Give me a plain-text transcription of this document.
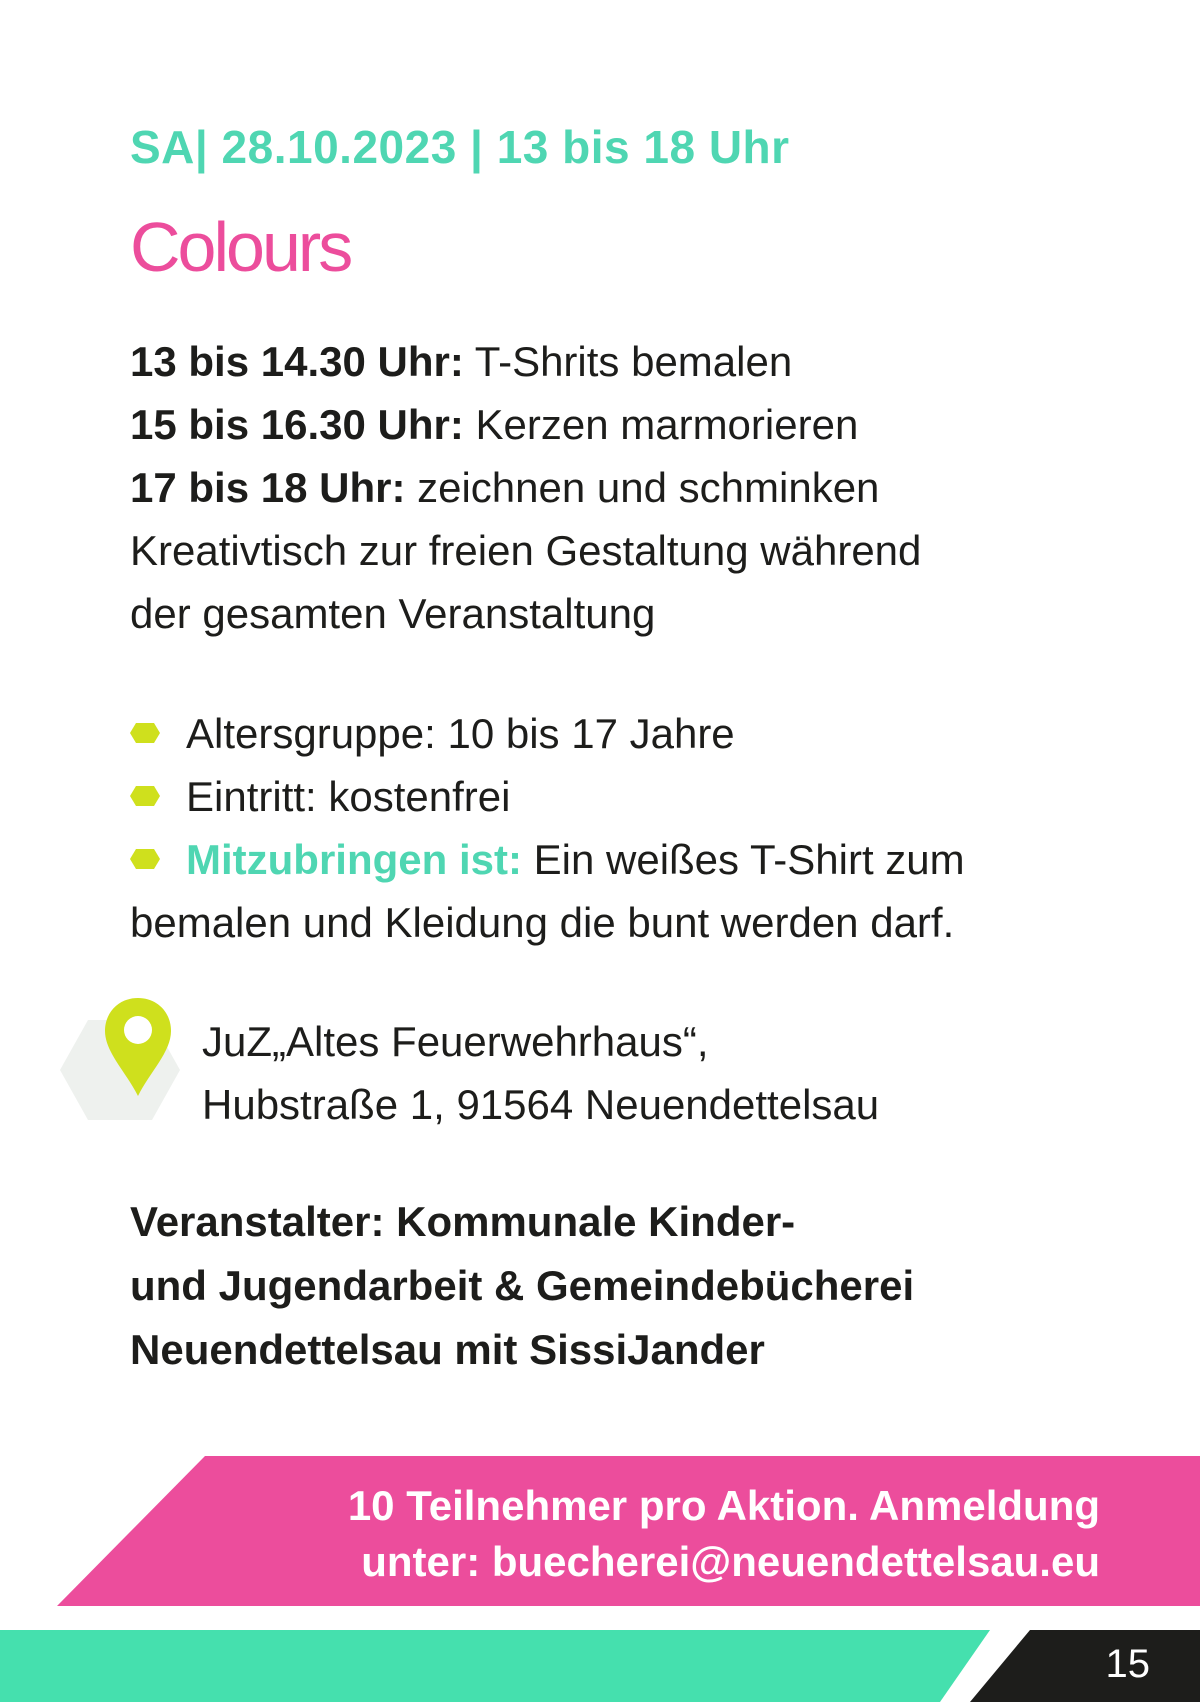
SA| 28.10.2023 | 13 bis 18 Uhr
Colours
13 bis 14.30 Uhr: T-Shrits bemalen
15 bis 16.30 Uhr: Kerzen marmorieren
17 bis 18 Uhr: zeichnen und schminken
Kreativtisch zur freien Gestaltung während
der gesamten Veranstaltung
Altersgruppe: 10 bis 17 Jahre
Eintritt: kostenfrei
Mitzubringen ist: Ein weißes T-Shirt zum
bemalen und Kleidung die bunt werden darf.
JuZ„Altes Feuerwehrhaus“,
Hubstraße 1, 91564 Neuendettelsau
Veranstalter: Kommunale Kinder-
und Jugendarbeit & Gemeindebücherei
Neuendettelsau mit SissiJander
10 Teilnehmer pro Aktion. Anmeldung
unter: buecherei@neuendettelsau.eu
15
